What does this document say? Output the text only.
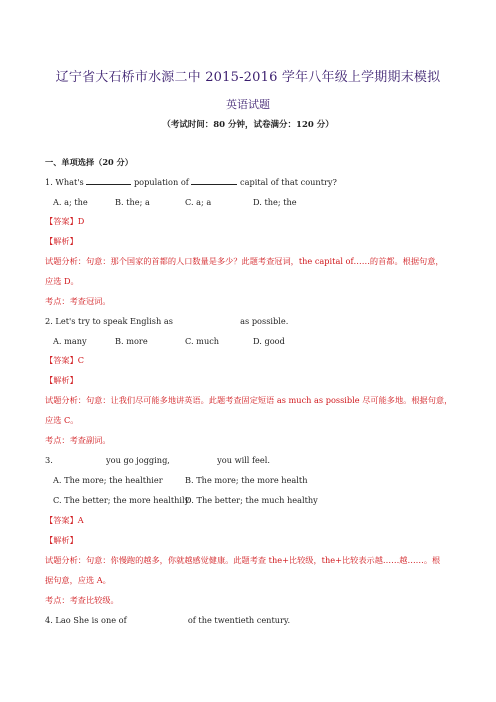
辽宁省大石桥市水源二中 2015-2016 学年八年级上学期期末模拟
英语试题
（考试时间：80 分钟，试卷满分：120 分）
一、单项选择（20 分）
1. What's	population of	capital of that country?
A. a; the	B. the; a	C. a; a	D. the; the
【答案】D
【解析】
试题分析：句意：那个国家的首都的人口数量是多少？此题考查冠词，the capital of……的首都。根据句意，
应选 D。
考点：考查冠词。
2. Let's try to speak English as	as possible.
A. many	B. more	C. much	D. good
【答案】C
【解析】
试题分析：句意：让我们尽可能多地讲英语。此题考查固定短语 as much as possible 尽可能多地。根据句意，
应选 C。
考点：考查副词。
3.	you go jogging,	you will feel.
A. The more; the healthier	B. The more; the more health
C. The better; the more healthilyD. The better; the much healthy
【答案】A
【解析】
试题分析：句意：你慢跑的越多，你就越感觉健康。此题考查 the+比较级，the+比较表示越……越……。根
据句意，应选 A。
考点：考查比较级。
4. Lao She is one of	of the twentieth century.
